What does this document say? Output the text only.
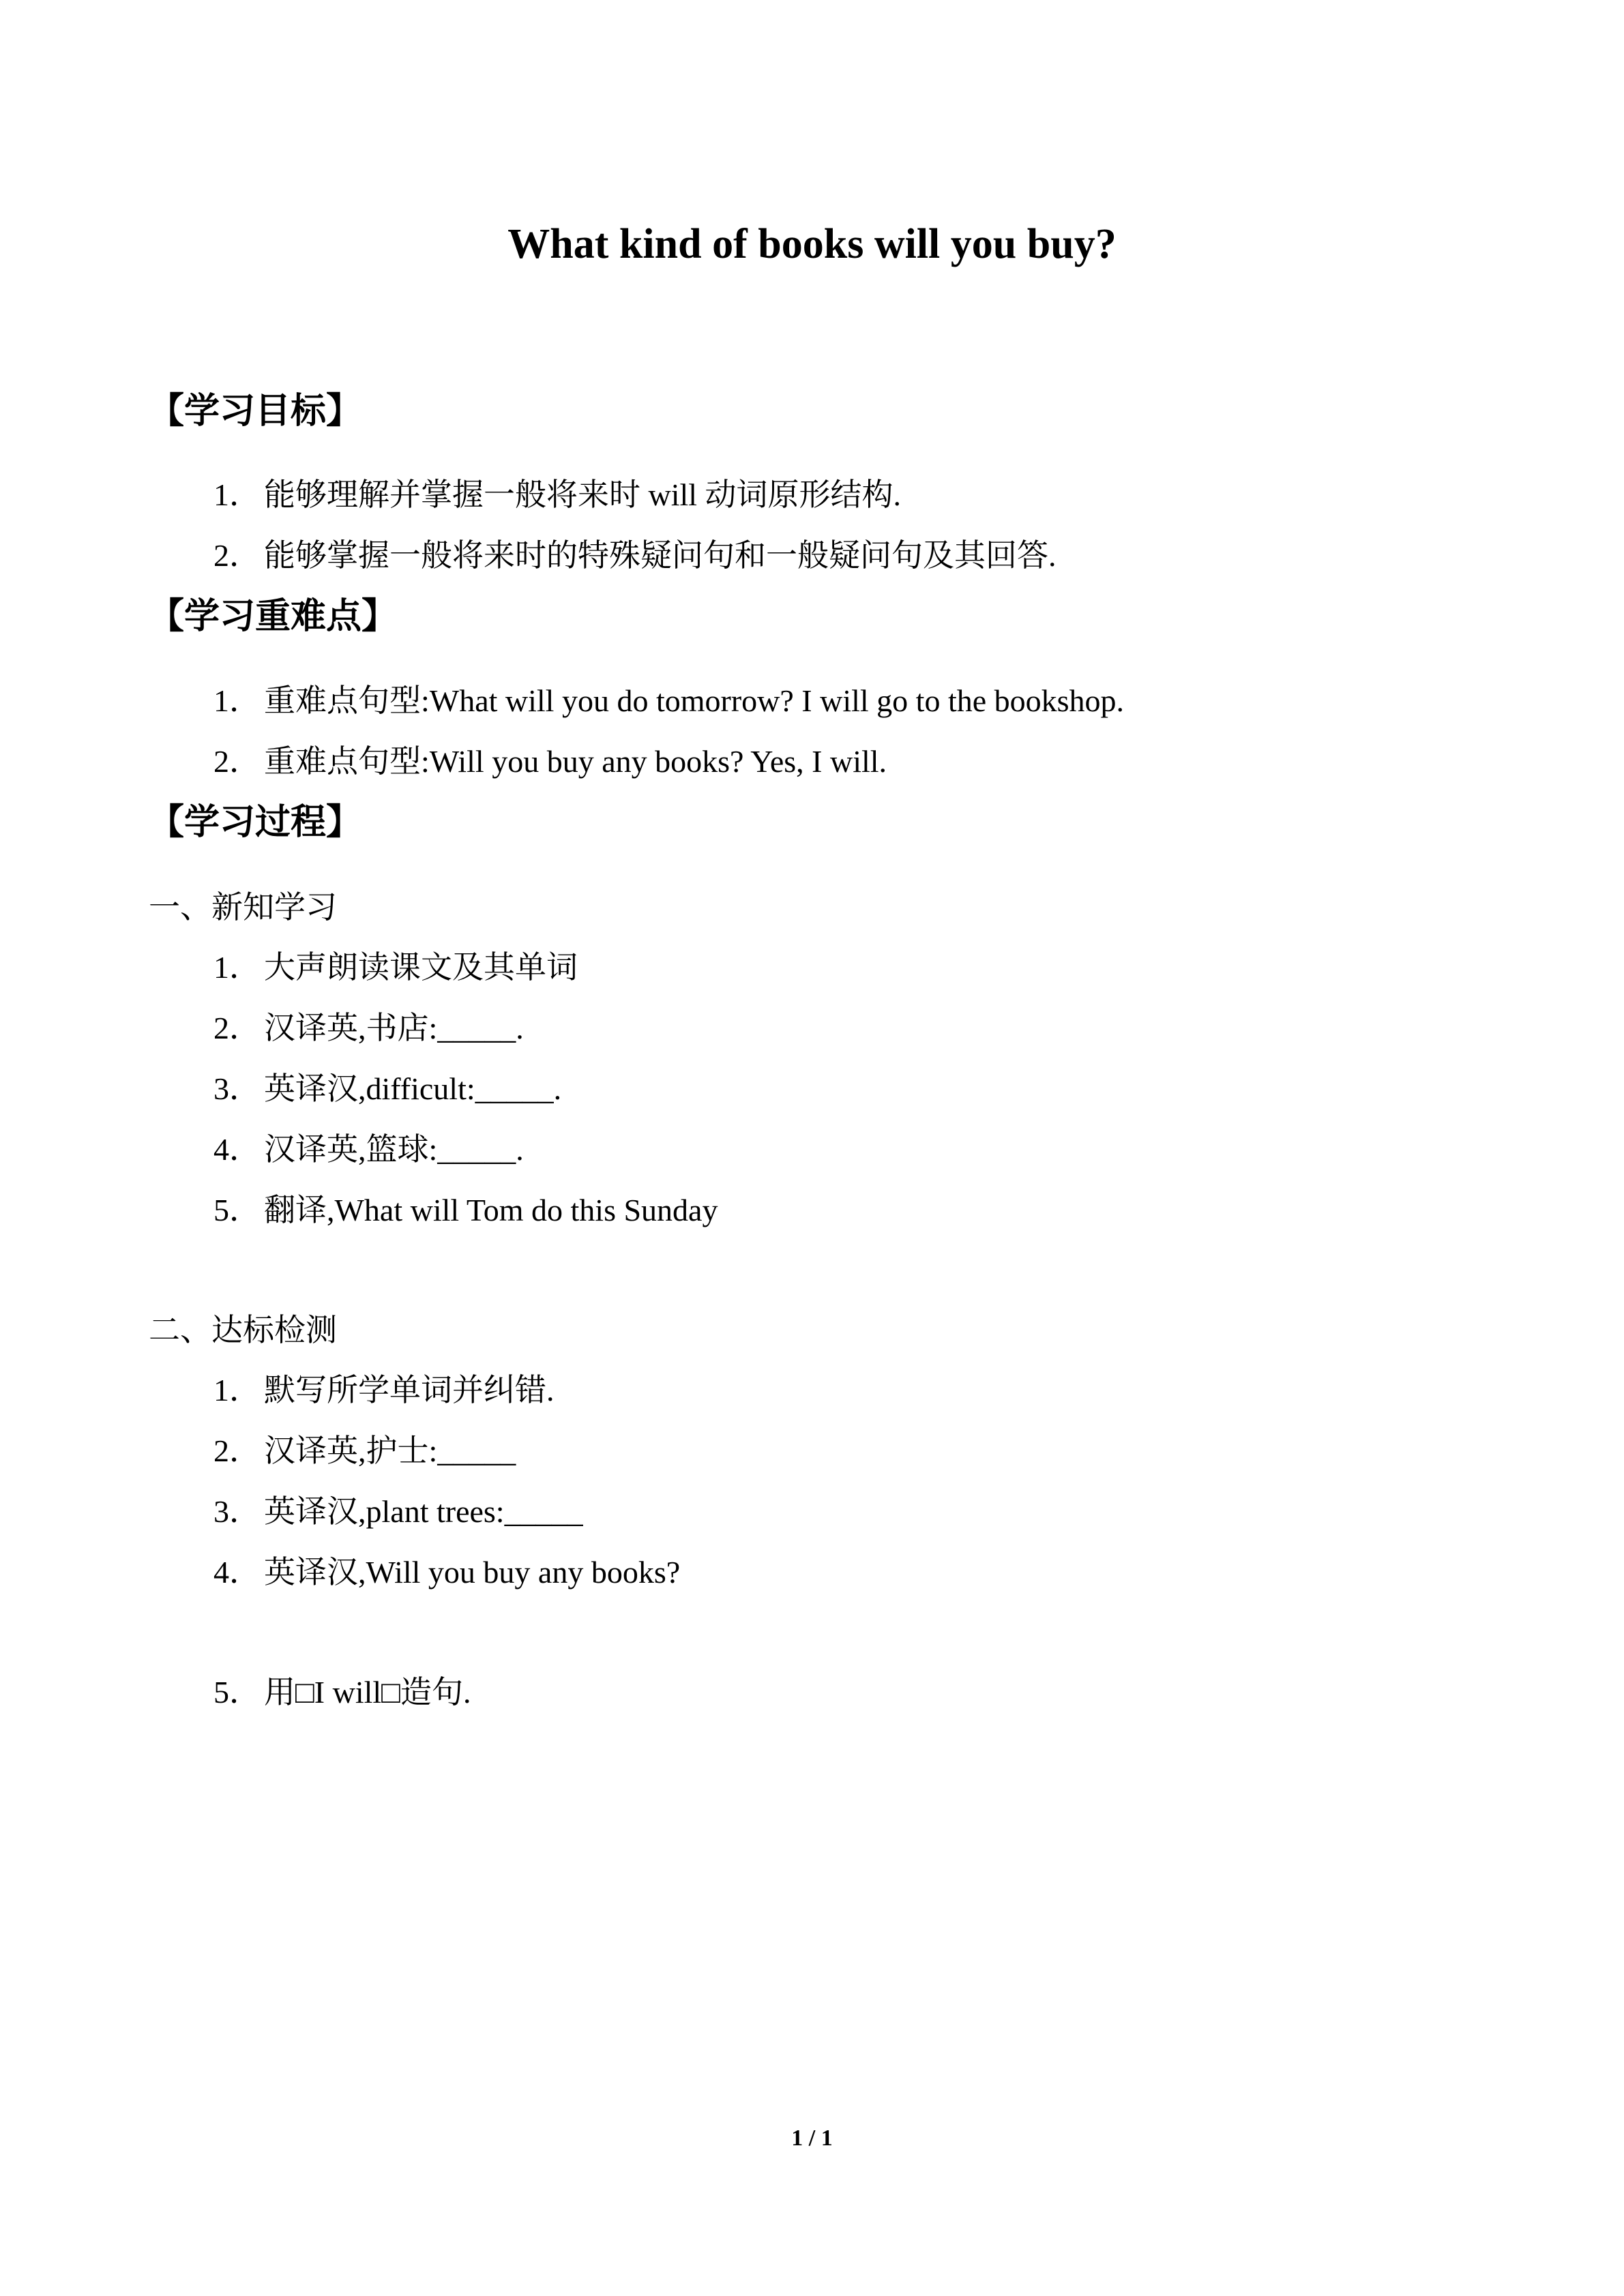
What kind of books will you buy?
【学习目标】
1． 能够理解并掌握一般将来时 will 动词原形结构.
2． 能够掌握一般将来时的特殊疑问句和一般疑问句及其回答.
【学习重难点】
1． 重难点句型:What will you do tomorrow? I will go to the bookshop.
2． 重难点句型:Will you buy any books? Yes, I will.
【学习过程】
一、新知学习
1． 大声朗读课文及其单词
2． 汉译英,书店:_____.
3． 英译汉,difficult:_____.
4． 汉译英,篮球:_____.
5． 翻译,What will Tom do this Sunday
二、达标检测
1． 默写所学单词并纠错.
2． 汉译英,护士:_____
3． 英译汉,plant trees:_____
4． 英译汉,Will you buy any books?
5． 用□I will□造句.
1 / 1
